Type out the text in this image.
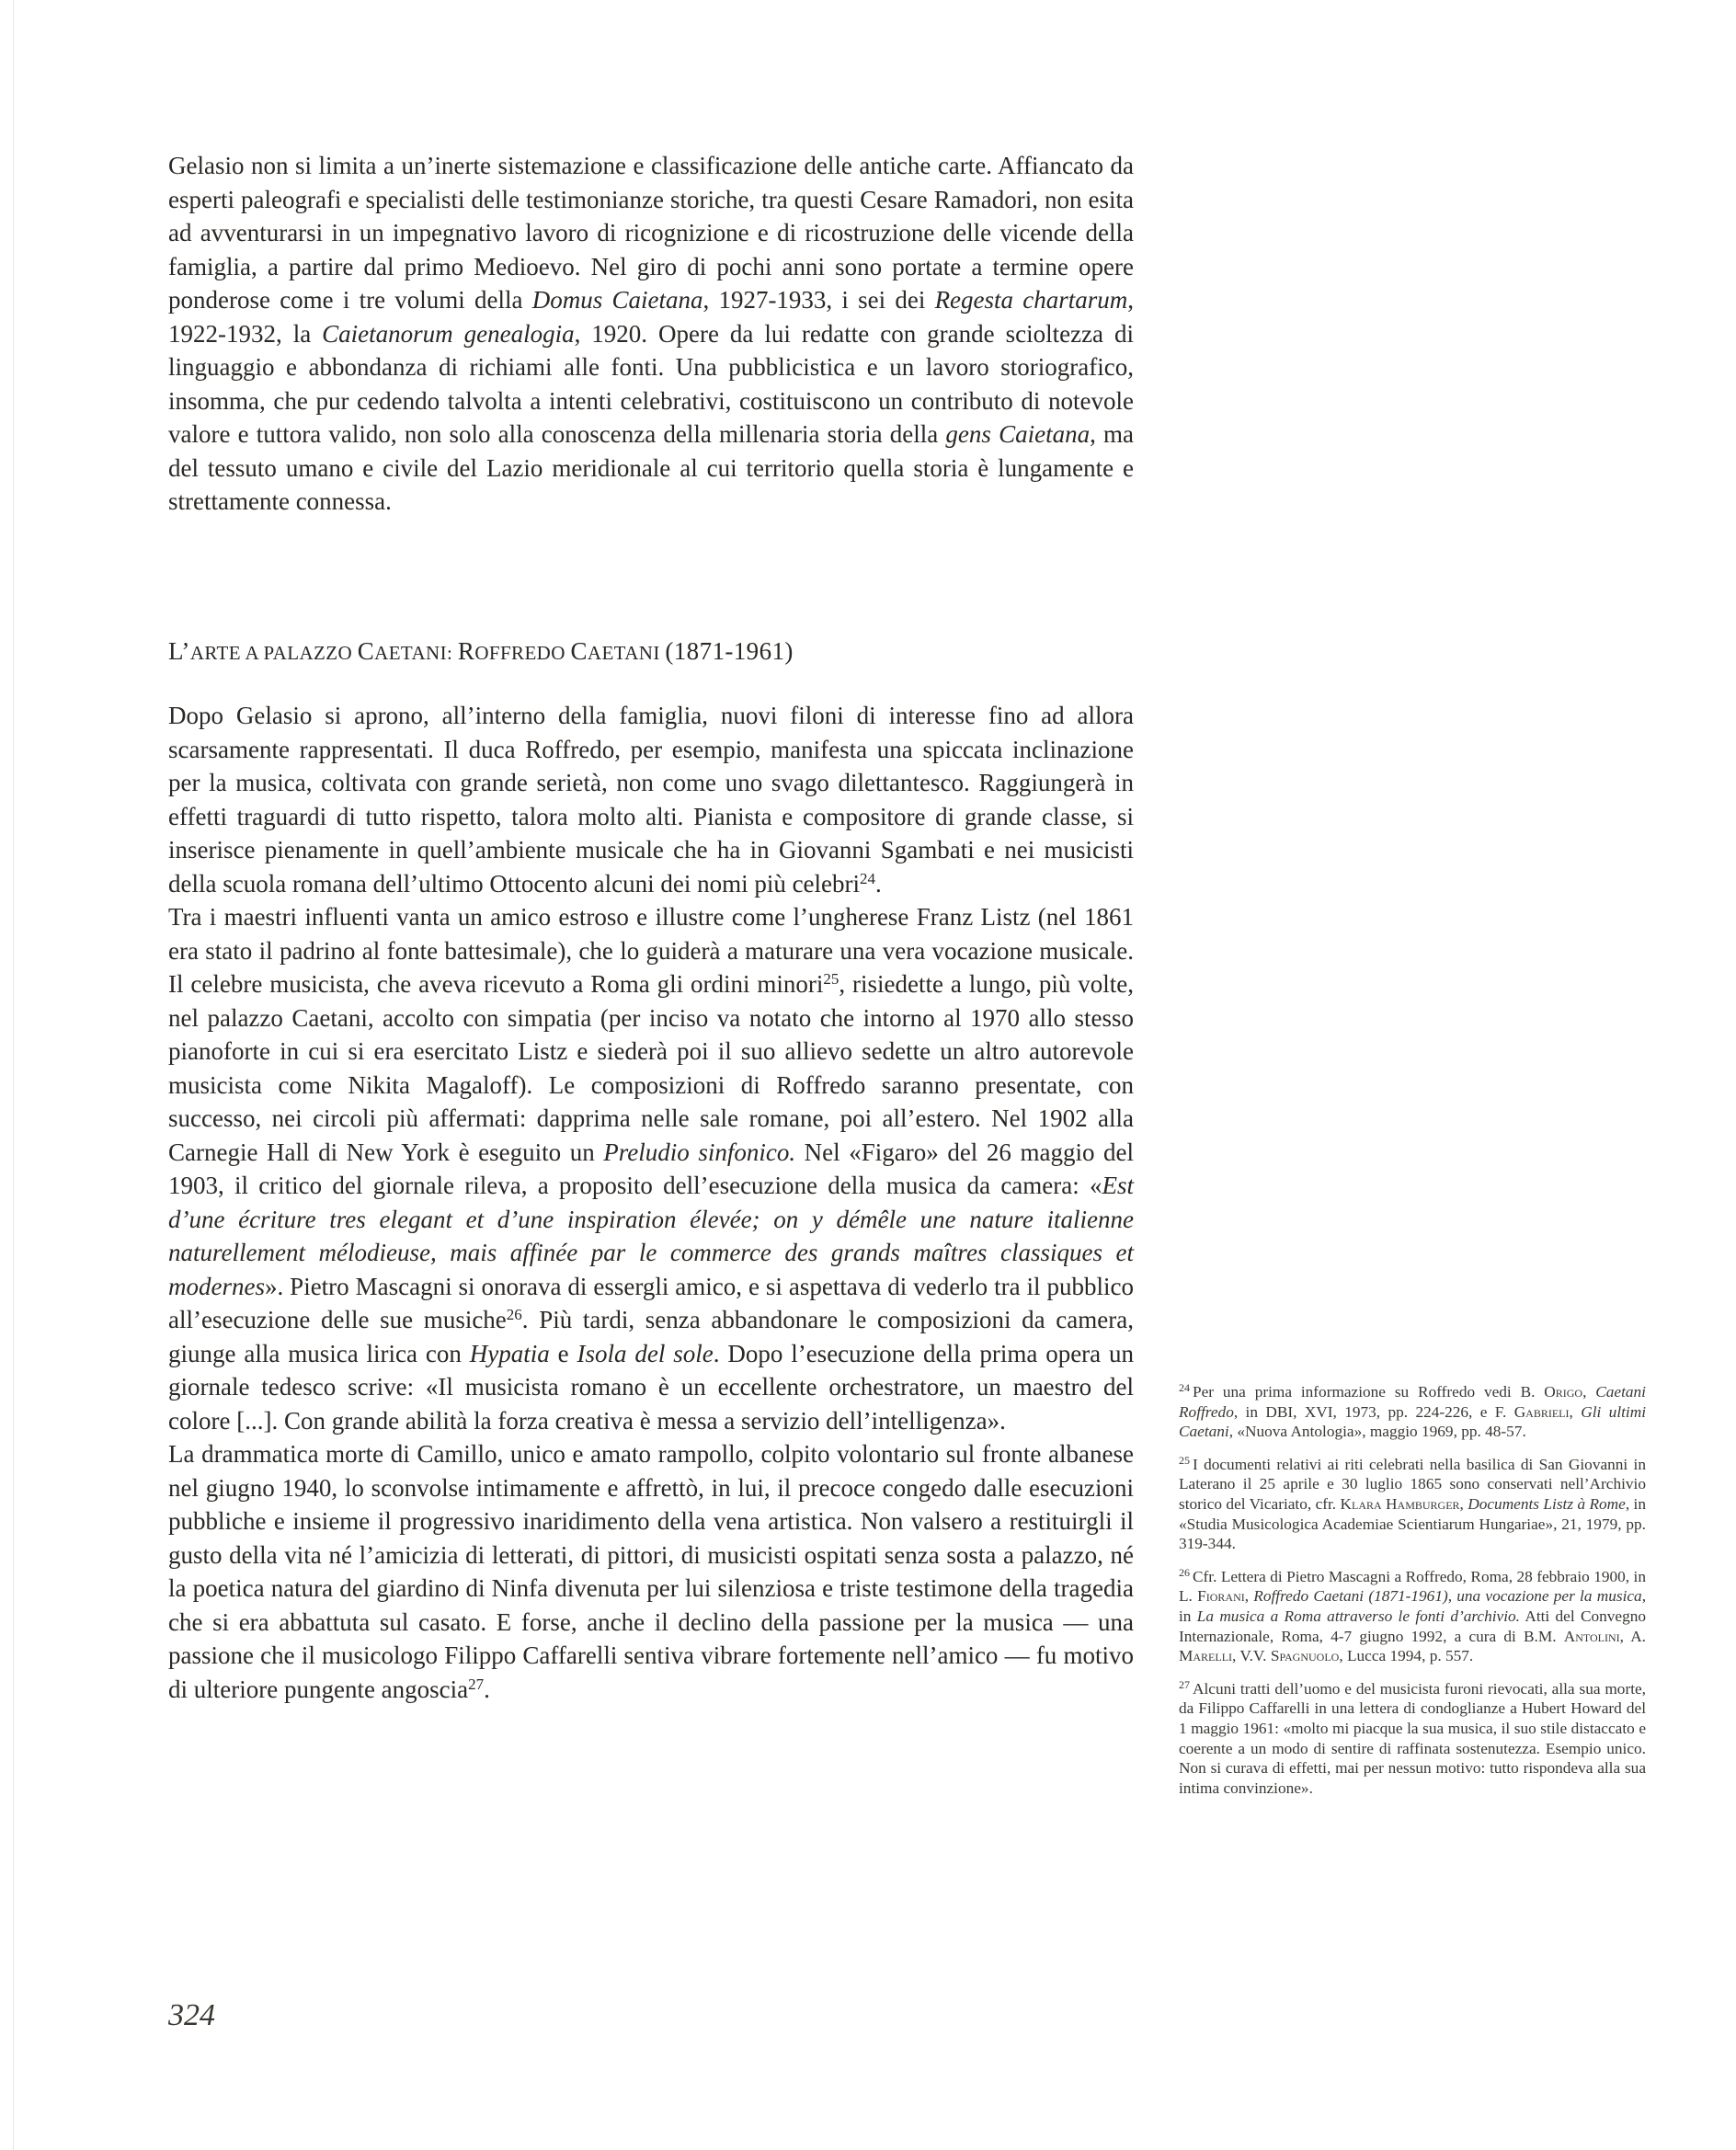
Gelasio non si limita a un’inerte sistemazione e classificazione delle antiche carte. Affiancato da esperti paleografi e specialisti delle testimonianze storiche, tra questi Cesare Ramadori, non esita ad avventurarsi in un impegnativo lavoro di ricognizione e di ricostruzione delle vicende della famiglia, a partire dal primo Medioevo. Nel giro di pochi anni sono portate a termine opere ponderose come i tre volumi della Domus Caietana, 1927-1933, i sei dei Regesta chartarum, 1922-1932, la Caietanorum genealogia, 1920. Opere da lui redatte con grande scioltezza di linguaggio e abbondanza di richiami alle fonti. Una pubblicistica e un lavoro storiografico, insomma, che pur cedendo talvolta a intenti celebrativi, costituiscono un contributo di notevole valore e tuttora valido, non solo alla conoscenza della millenaria storia della gens Caietana, ma del tessuto umano e civile del Lazio meridionale al cui territorio quella storia è lungamente e strettamente connessa.

L’ARTE A PALAZZO CAETANI: ROFFREDO CAETANI (1871-1961)

Dopo Gelasio si aprono, all’interno della famiglia, nuovi filoni di interesse fino ad allora scarsamente rappresentati. Il duca Roffredo, per esempio, manifesta una spiccata inclinazione per la musica, coltivata con grande serietà, non come uno svago dilettantesco. Raggiungerà in effetti traguardi di tutto rispetto, talora molto alti. Pianista e compositore di grande classe, si inserisce pienamente in quell’ambiente musicale che ha in Giovanni Sgambati e nei musicisti della scuola romana dell’ultimo Ottocento alcuni dei nomi più celebri$^{24}$.

Tra i maestri influenti vanta un amico estroso e illustre come l’ungherese Franz Listz (nel 1861 era stato il padrino al fonte battesimale), che lo guiderà a maturare una vera vocazione musicale. Il celebre musicista, che aveva ricevuto a Roma gli ordini minori$^{25}$, risiedette a lungo, più volte, nel palazzo Caetani, accolto con simpatia (per inciso va notato che intorno al 1970 allo stesso pianoforte in cui si era esercitato Listz e siederà poi il suo allievo sedette un altro autorevole musicista come Nikita Magaloff). Le composizioni di Roffredo saranno presentate, con successo, nei circoli più affermati: dapprima nelle sale romane, poi all’estero. Nel 1902 alla Carnegie Hall di New York è eseguito un Preludio sinfonico. Nel «Figaro» del 26 maggio del 1903, il critico del giornale rileva, a proposito dell’esecuzione della musica da camera: «Est d’une écriture tres elegant et d’une inspiration élevée; on y démêle une nature italienne naturellement mélodieuse, mais affinée par le commerce des grands maîtres classiques et modernes». Pietro Mascagni si onorava di essergli amico, e si aspettava di vederlo tra il pubblico all’esecuzione delle sue musiche$^{26}$. Più tardi, senza abbandonare le composizioni da camera, giunge alla musica lirica con Hypatia e Isola del sole. Dopo l’esecuzione della prima opera un giornale tedesco scrive: «Il musicista romano è un eccellente orchestratore, un maestro del colore [...]. Con grande abilità la forza creativa è messa a servizio dell’intelligenza».

La drammatica morte di Camillo, unico e amato rampollo, colpito volontario sul fronte albanese nel giugno 1940, lo sconvolse intimamente e affrettò, in lui, il precoce congedo dalle esecuzioni pubbliche e insieme il progressivo inaridimento della vena artistica. Non valsero a restituirgli il gusto della vita né l’amicizia di letterati, di pittori, di musicisti ospitati senza sosta a palazzo, né la poetica natura del giardino di Ninfa divenuta per lui silenziosa e triste testimone della tragedia che si era abbattuta sul casato. E forse, anche il declino della passione per la musica — una passione che il musicologo Filippo Caffarelli sentiva vibrare fortemente nell’amico — fu motivo di ulteriore pungente angoscia$^{27}$.

$^{24}$ Per una prima informazione su Roffredo vedi B. Origo, Caetani Roffredo, in DBI, XVI, 1973, pp. 224-226, e F. Gabrieli, Gli ultimi Caetani, «Nuova Antologia», maggio 1969, pp. 48-57.

$^{25}$ I documenti relativi ai riti celebrati nella basilica di San Giovanni in Laterano il 25 aprile e 30 luglio 1865 sono conservati nell’Archivio storico del Vicariato, cfr. Klara Hamburger, Documents Listz à Rome, in «Studia Musicologica Academiae Scientiarum Hungariae», 21, 1979, pp. 319-344.

$^{26}$ Cfr. Lettera di Pietro Mascagni a Roffredo, Roma, 28 febbraio 1900, in L. Fiorani, Roffredo Caetani (1871-1961), una vocazione per la musica, in La musica a Roma attraverso le fonti d’archivio. Atti del Convegno Internazionale, Roma, 4-7 giugno 1992, a cura di B.M. Antolini, A. Marelli, V.V. Spagnuolo, Lucca 1994, p. 557.

$^{27}$ Alcuni tratti dell’uomo e del musicista furoni rievocati, alla sua morte, da Filippo Caffarelli in una lettera di condoglianze a Hubert Howard del 1 maggio 1961: «molto mi piacque la sua musica, il suo stile distaccato e coerente a un modo di sentire di raffinata sostenutezza. Esempio unico. Non si curava di effetti, mai per nessun motivo: tutto rispondeva alla sua intima convinzione».

324
